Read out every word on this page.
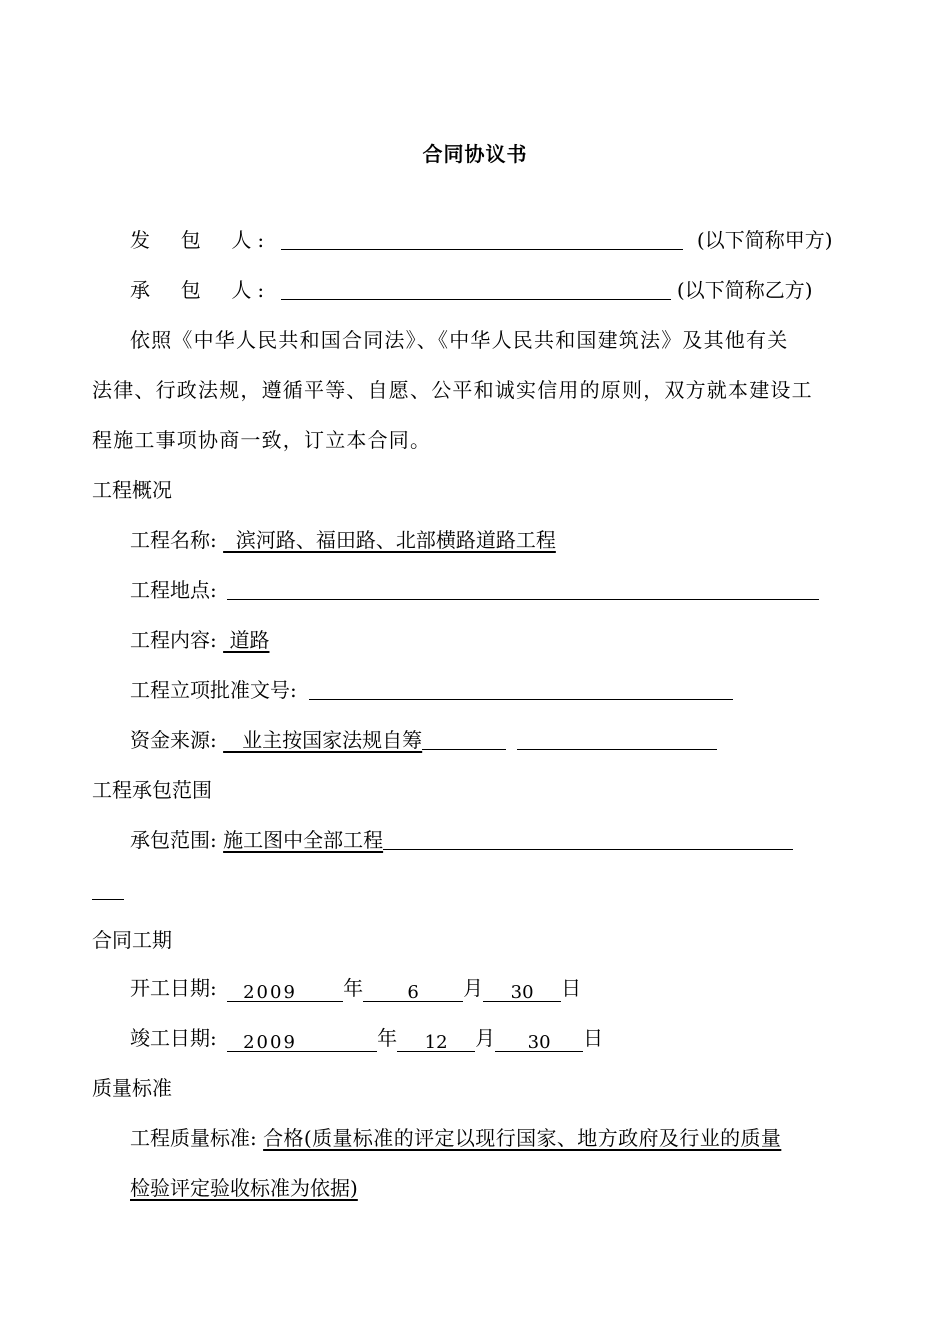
合同协议书
发  包  人:	(以下简称甲方)
承  包  人:	(以下简称乙方)
依照《中华人民共和国合同法》、《中华人民共和国建筑法》及其他有关
法律、行政法规，遵循平等、自愿、公平和诚实信用的原则，双方就本建设工
程施工事项协商一致，订立本合同。
工程概况
工程名称:   滨河路、福田路、北部横路道路工程
工程地点:
工程内容:  道路
工程立项批准文号:
资金来源:    业主按国家法规自筹
工程承包范围
承包范围: 施工图中全部工程
合同工期
开工日期: 2009 年 6 月 30 日
竣工日期: 2009	年 12 月 30 日
质量标准
工程质量标准: 合格(质量标准的评定以现行国家、地方政府及行业的质量
检验评定验收标准为依据)
